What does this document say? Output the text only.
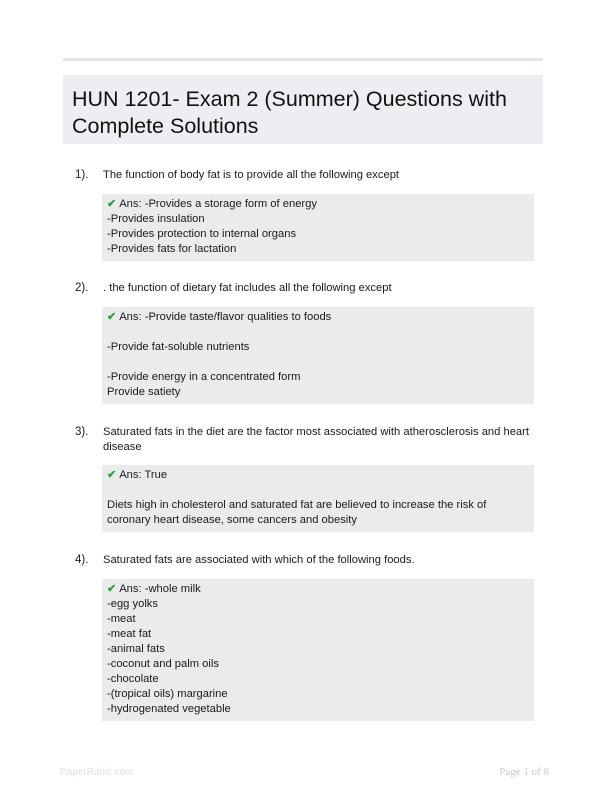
HUN 1201- Exam 2 (Summer) Questions with Complete Solutions
1). The function of body fat is to provide all the following except
✔ Ans: -Provides a storage form of energy
-Provides insulation
-Provides protection to internal organs
-Provides fats for lactation
2). . the function of dietary fat includes all the following except
✔ Ans: -Provide taste/flavor qualities to foods
-Provide fat-soluble nutrients
-Provide energy in a concentrated form
Provide satiety
3). Saturated fats in the diet are the factor most associated with atherosclerosis and heart disease
✔ Ans: True
Diets high in cholesterol and saturated fat are believed to increase the risk of coronary heart disease, some cancers and obesity
4). Saturated fats are associated with which of the following foods.
✔ Ans: -whole milk
-egg yolks
-meat
-meat fat
-animal fats
-coconut and palm oils
-chocolate
-(tropical oils) margarine
-hydrogenated vegetable
PaperRatiic.com	Page 1 of 8
